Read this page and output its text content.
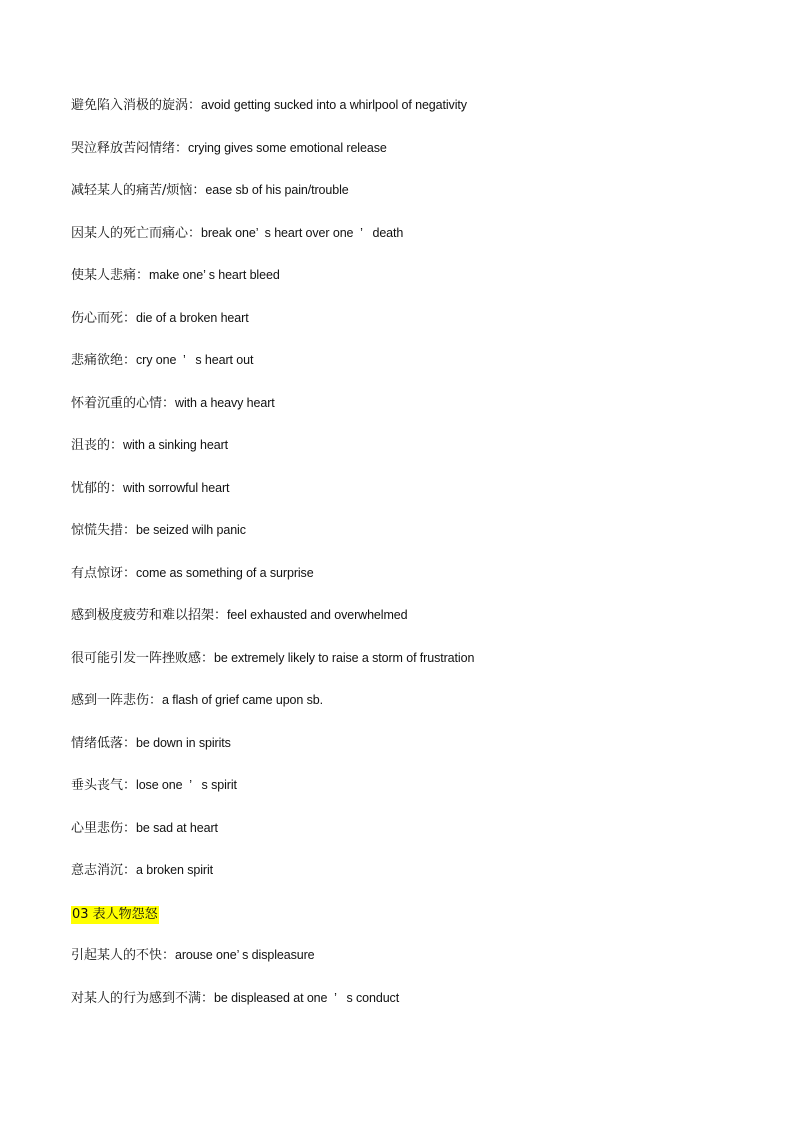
避免陷入消极的旋涡：avoid getting sucked into a whirlpool of negativity
哭泣释放苦闷情绪：crying gives some emotional release
减轻某人的痛苦/烦恼：ease sb of his pain/trouble
因某人的死亡而痛心：break one’  s heart over one  ’   death
使某人悲痛：make one’ s heart bleed
伤心而死：die of a broken heart
悲痛欲绝：cry one  ’   s heart out
怀着沉重的心情：with a heavy heart
沮丧的：with a sinking heart
忧郁的：with sorrowful heart
惊慌失措：be seized wilh panic
有点惊讶：come as something of a surprise
感到极度疲劳和难以招架：feel exhausted and overwhelmed
很可能引发一阵挫败感：be extremely likely to raise a storm of frustration
感到一阵悲伤：a flash of grief came upon sb.
情绪低落：be down in spirits
垂头丧气：lose one  ’   s spirit
心里悲伤：be sad at heart
意志消沉：a broken spirit
03 表人物怨怒
引起某人的不快：arouse one’ s displeasure
对某人的行为感到不满：be displeased at one  ’   s conduct
